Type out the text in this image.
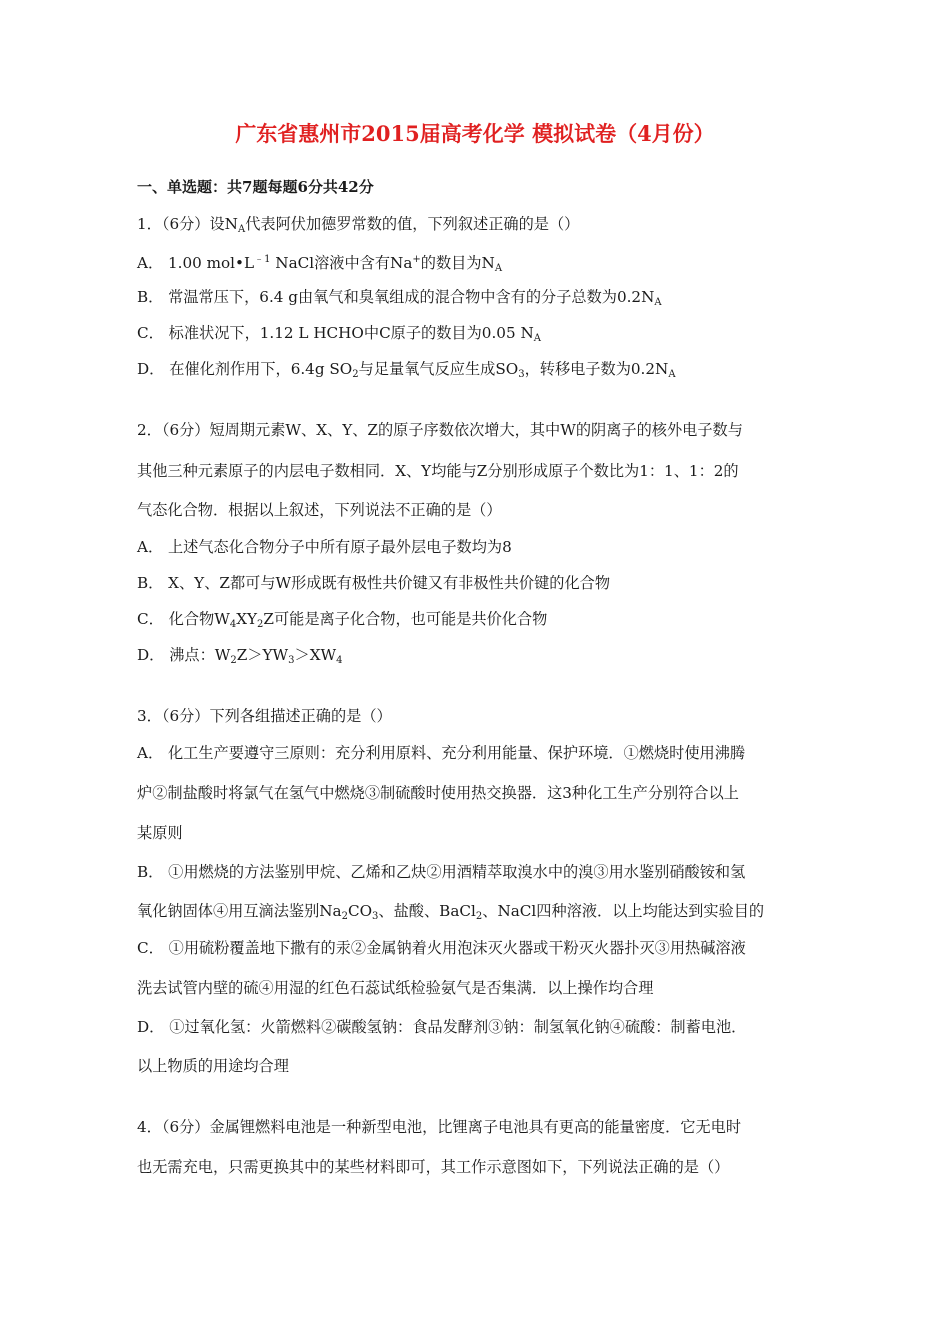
广东省惠州市2015届高考化学 模拟试卷（4月份）
一、单选题：共7题每题6分共42分
1．（6分）设$N_A$代表阿伏加德罗常数的值，下列叙述正确的是（）
A． 1.00 $mol•L^{﹣1}$ NaCl溶液中含有Na+的数目为$N_A$
B． 常温常压下，6.4 g由氧气和臭氧组成的混合物中含有的分子总数为$0.2N_A$
C． 标准状况下，1.12 L HCHO中C原子的数目为0.05 $N_A$
D． 在催化剂作用下，6.4g $SO_2$与足量氧气反应生成$SO_3$，转移电子数为$0.2N_A$
2．（6分）短周期元素W、X、Y、Z的原子序数依次增大，其中W的阴离子的核外电子数与
其他三种元素原子的内层电子数相同．X、Y均能与Z分别形成原子个数比为1：1、1：2的
气态化合物．根据以上叙述，下列说法不正确的是（）
A． 上述气态化合物分子中所有原子最外层电子数均为8
B． X、Y、Z都可与W形成既有极性共价键又有非极性共价键的化合物
C． 化合物$W_4XY_2Z$可能是离子化合物，也可能是共价化合物
D． 沸点：$W_2Z>YW_3>XW_4$
3．（6分）下列各组描述正确的是（）
A． 化工生产要遵守三原则：充分利用原料、充分利用能量、保护环境．①燃烧时使用沸腾
炉②制盐酸时将氯气在氢气中燃烧③制硫酸时使用热交换器．这3种化工生产分别符合以上
某原则
B． ①用燃烧的方法鉴别甲烷、乙烯和乙炔②用酒精萃取溴水中的溴③用水鉴别硝酸铵和氢
氧化钠固体④用互滴法鉴别$Na_2CO_3$、盐酸、BaCl$_2$、NaCl四种溶液．以上均能达到实验目的
C． ①用硫粉覆盖地下撒有的汞②金属钠着火用泡沫灭火器或干粉灭火器扑灭③用热碱溶液
洗去试管内壁的硫④用湿的红色石蕊试纸检验氨气是否集满．以上操作均合理
D． ①过氧化氢：火箭燃料②碳酸氢钠：食品发酵剂③钠：制氢氧化钠④硫酸：制蓄电池．
以上物质的用途均合理
4．（6分）金属锂燃料电池是一种新型电池，比锂离子电池具有更高的能量密度．它无电时
也无需充电，只需更换其中的某些材料即可，其工作示意图如下，下列说法正确的是（）
